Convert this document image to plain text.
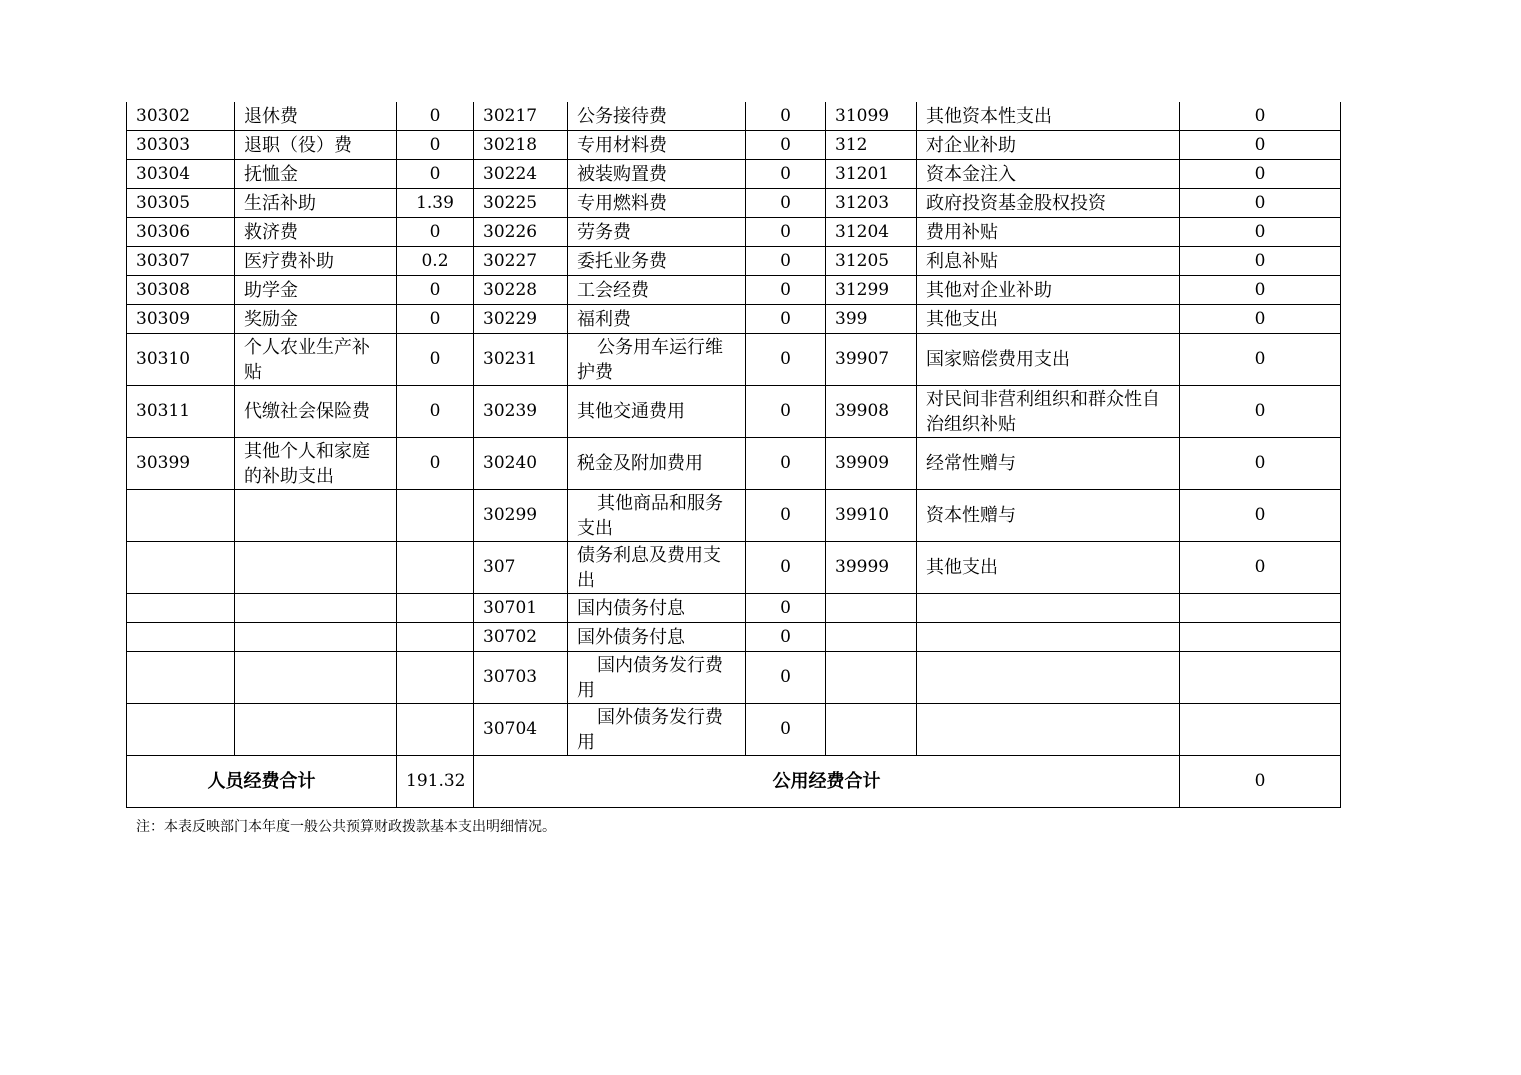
30302	退休费	0	30217	公务接待费	0	31099	其他资本性支出	0
30303	退职（役）费	0	30218	专用材料费	0	312	对企业补助	0
30304	抚恤金	0	30224	被装购置费	0	31201	资本金注入	0
30305	生活补助	1.39	30225	专用燃料费	0	31203	政府投资基金股权投资	0
30306	救济费	0	30226	劳务费	0	31204	费用补贴	0
30307	医疗费补助	0.2	30227	委托业务费	0	31205	利息补贴	0
30308	助学金	0	30228	工会经费	0	31299	其他对企业补助	0
30309	奖励金	0	30229	福利费	0	399	其他支出	0
30310	个人农业生产补贴	0	30231	公务用车运行维护费	0	39907	国家赔偿费用支出	0
30311	代缴社会保险费	0	30239	其他交通费用	0	39908	对民间非营利组织和群众性自治组织补贴	0
30399	其他个人和家庭的补助支出	0	30240	税金及附加费用	0	39909	经常性赠与	0
			30299	其他商品和服务支出	0	39910	资本性赠与	0
			307	债务利息及费用支出	0	39999	其他支出	0
			30701	国内债务付息	0			
			30702	国外债务付息	0			
			30703	国内债务发行费用	0			
			30704	国外债务发行费用	0			
人员经费合计		191.32	公用经费合计					0
注：本表反映部门本年度一般公共预算财政拨款基本支出明细情况。
